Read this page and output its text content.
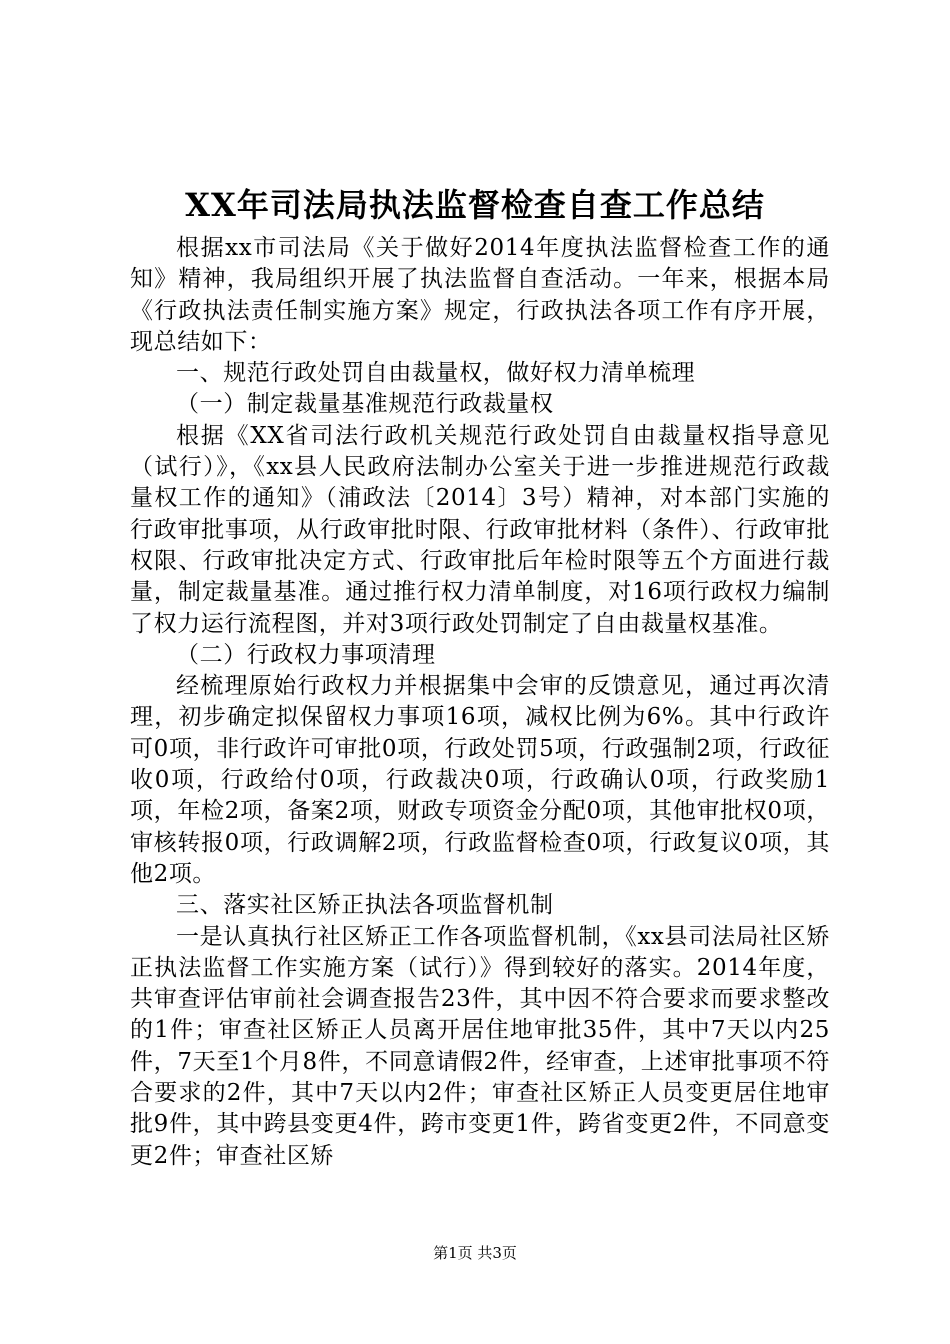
XX年司法局执法监督检查自查工作总结

根据xx市司法局《关于做好2014年度执法监督检查工作的通知》精神，我局组织开展了执法监督自查活动。一年来，根据本局《行政执法责任制实施方案》规定，行政执法各项工作有序开展，现总结如下：

一、规范行政处罚自由裁量权，做好权力清单梳理

（一）制定裁量基准规范行政裁量权

根据《XX省司法行政机关规范行政处罚自由裁量权指导意见（试行）》，《xx县人民政府法制办公室关于进一步推进规范行政裁量权工作的通知》（浦政法〔2014〕3号）精神，对本部门实施的行政审批事项，从行政审批时限、行政审批材料（条件）、行政审批权限、行政审批决定方式、行政审批后年检时限等五个方面进行裁量，制定裁量基准。通过推行权力清单制度，对16项行政权力编制了权力运行流程图，并对3项行政处罚制定了自由裁量权基准。

（二）行政权力事项清理

经梳理原始行政权力并根据集中会审的反馈意见，通过再次清理，初步确定拟保留权力事项16项，减权比例为6%。其中行政许可0项，非行政许可审批0项，行政处罚5项，行政强制2项，行政征收0项，行政给付0项，行政裁决0项，行政确认0项，行政奖励1项，年检2项，备案2项，财政专项资金分配0项，其他审批权0项，审核转报0项，行政调解2项，行政监督检查0项，行政复议0项，其他2项。

三、落实社区矫正执法各项监督机制

一是认真执行社区矫正工作各项监督机制，《xx县司法局社区矫正执法监督工作实施方案（试行）》得到较好的落实。2014年度，共审查评估审前社会调查报告23件，其中因不符合要求而要求整改的1件；审查社区矫正人员离开居住地审批35件，其中7天以内25件，7天至1个月8件，不同意请假2件，经审查，上述审批事项不符合要求的2件，其中7天以内2件；审查社区矫正人员变更居住地审批9件，其中跨县变更4件，跨市变更1件，跨省变更2件，不同意变更2件；审查社区矫

第1页 共3页
